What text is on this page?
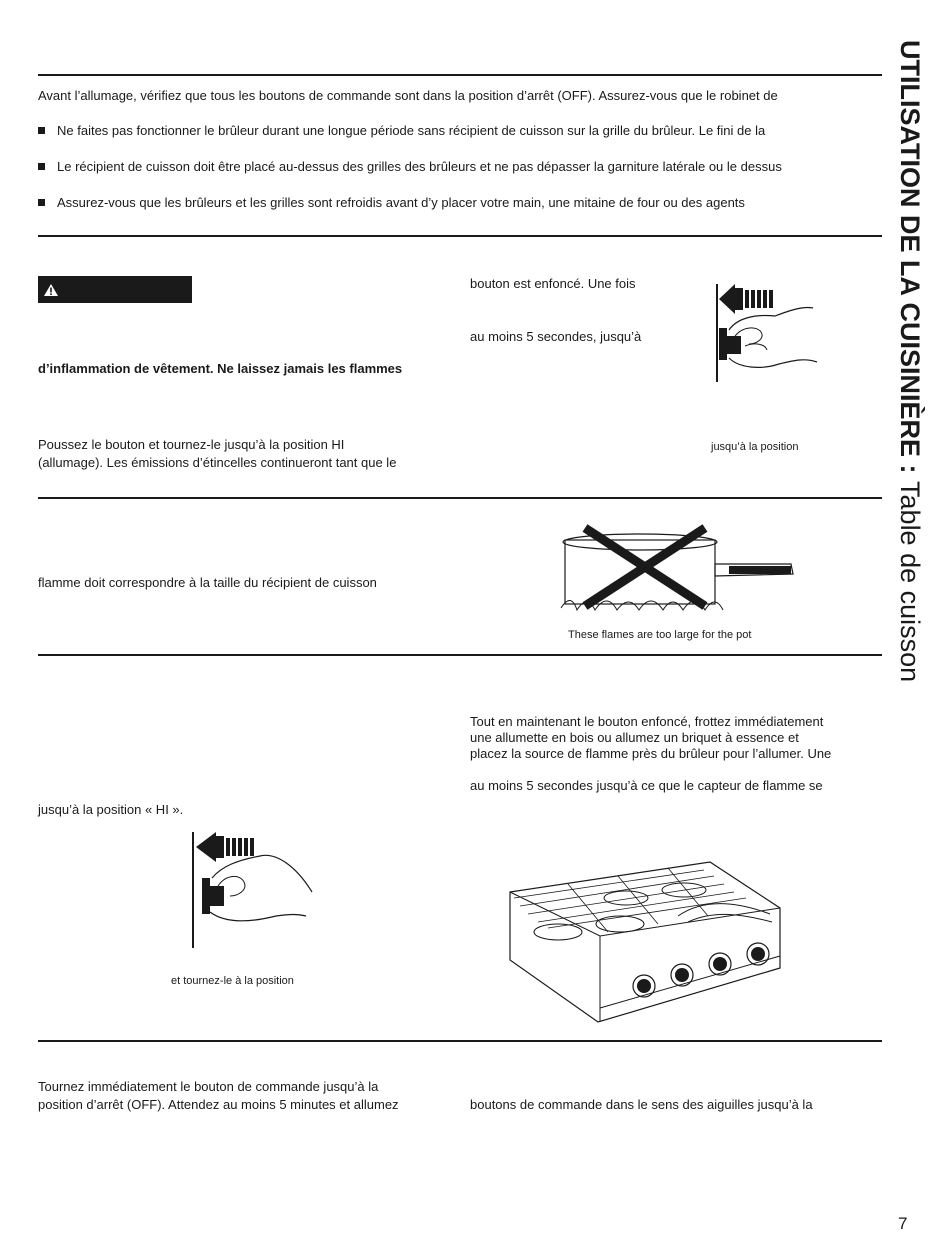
UTILISATION DE LA CUISINIÈRE : Table de cuisson
Avant l’allumage, vérifiez que tous les boutons de commande sont dans la position d’arrêt (OFF). Assurez-vous que le robinet de
Ne faites pas fonctionner le brûleur durant une longue période sans récipient de cuisson sur la grille du brûleur. Le fini de la
Le récipient de cuisson doit être placé au-dessus des grilles des brûleurs et ne pas dépasser la garniture latérale ou le dessus
Assurez-vous que les brûleurs et les grilles sont refroidis avant d’y placer votre main, une mitaine de four ou des agents
d’inflammation de vêtement. Ne laissez jamais les flammes
Poussez le bouton et tournez-le jusqu’à la position HI
(allumage). Les émissions d’étincelles continueront tant que le
bouton est enfoncé. Une fois
au moins 5 secondes, jusqu’à
jusqu’à la position
flamme doit correspondre à la taille du récipient de cuisson
These flames are too large for the pot
Tout en maintenant le bouton enfoncé, frottez immédiatement
une allumette en bois ou allumez un briquet à essence et
placez la source de flamme près du brûleur pour l’allumer. Une
au moins 5 secondes jusqu’à ce que le capteur de flamme se
jusqu’à la position « HI ».
et tournez-le à la position
Tournez immédiatement le bouton de commande jusqu’à la
position d’arrêt (OFF). Attendez au moins 5 minutes et allumez	boutons de commande dans le sens des aiguilles jusqu’à la
7
